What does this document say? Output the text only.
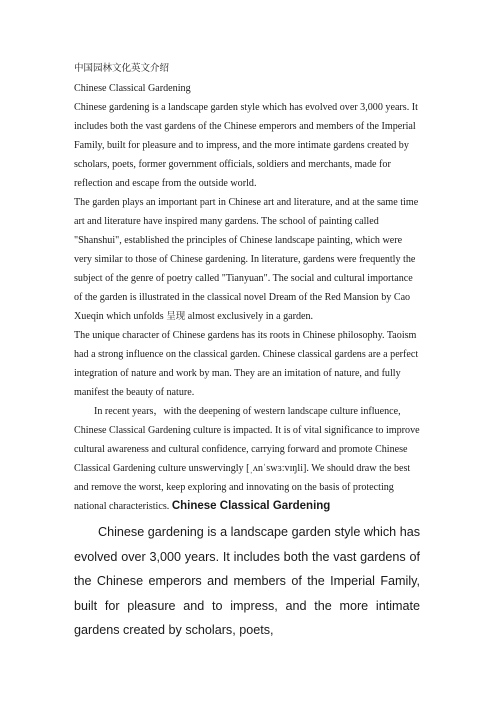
中国园林文化英文介绍

Chinese Classical Gardening

Chinese gardening is a landscape garden style which has evolved over 3,000 years. It includes both the vast gardens of the Chinese emperors and members of the Imperial Family, built for pleasure and to impress, and the more intimate gardens created by scholars, poets, former government officials, soldiers and merchants, made for reflection and escape from the outside world.

The garden plays an important part in Chinese art and literature, and at the same time art and literature have inspired many gardens. The school of painting called "Shanshui", established the principles of Chinese landscape painting, which were very similar to those of Chinese gardening. In literature, gardens were frequently the subject of the genre of poetry called "Tianyuan". The social and cultural importance of the garden is illustrated in the classical novel Dream of the Red Mansion by Cao Xueqin which unfolds 呈现 almost exclusively in a garden.

The unique character of Chinese gardens has its roots in Chinese philosophy. Taoism had a strong influence on the classical garden. Chinese classical gardens are a perfect integration of nature and work by man. They are an imitation of nature, and fully manifest the beauty of nature.

In recent years，with the deepening of western landscape culture influence, Chinese Classical Gardening culture is impacted. It is of vital significance to improve cultural awareness and cultural confidence, carrying forward and promote Chinese Classical Gardening culture unswervingly [ˌʌnˈswɜːvɪŋli]. We should draw the best and remove the worst, keep exploring and innovating on the basis of protecting national characteristics. Chinese Classical Gardening

Chinese gardening is a landscape garden style which has evolved over 3,000 years. It includes both the vast gardens of the Chinese emperors and members of the Imperial Family, built for pleasure and to impress, and the more intimate gardens created by scholars, poets,
